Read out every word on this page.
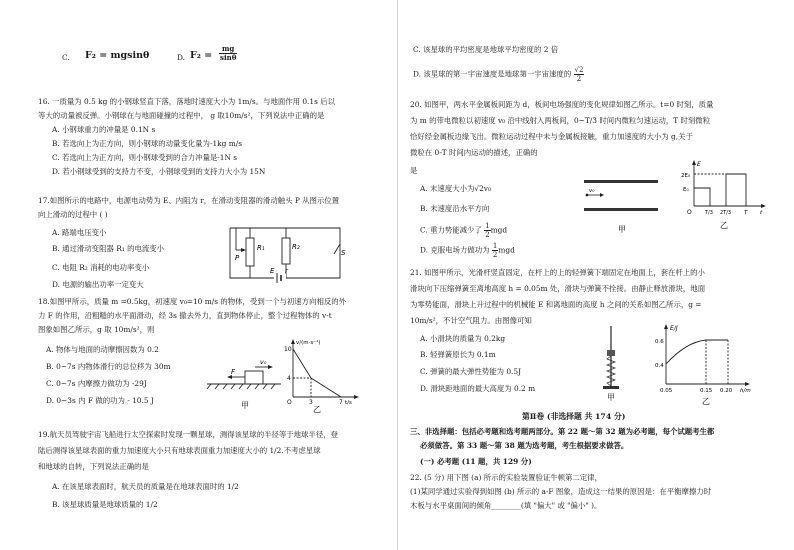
C. F₂ = mgsinθ	D. $F_2 = \frac{mg}{\sin\theta}$
16. 一质量为 0.5 kg 的小钢球竖直下落，落地时速度大小为 1m/s。与地面作用 0.1s 后以
等大的动量被反弹。小钢球在与地面碰撞的过程中， g 取10m/s²，下列说法中正确的是
A. 小钢球重力的冲量是 0.1N s
B. 若选向上为正方向，则小钢球的动量变化量为-1kg m/s
C. 若选向上为正方向，则小钢球受到的合力冲量是-1N s
D. 若小钢球受到的支持力不变，小钢球受到的支持力大小为 15N
17.如图所示的电路中，电源电动势为 E、内阻为 r，在滑动变阻器的滑动触头 P 从图示位置
向上滑动的过程中 ( )
A. 路端电压变小
B. 通过滑动变阻器 R₁ 的电流变小
C. 电阻 R₂ 消耗的电功率变小
D. 电源的输出功率一定变大
R₁	R₂
P
S
E r
18.如图甲所示，质量 m =0.5kg，初速度 v₀=10 m/s 的物体，受到一个与初速方向相反的外
力 F 的作用，沿粗糙的水平面滑动，经 3s 撤去外力，直到物体停止，整个过程物体的 v-t
图象如图乙所示，g 取 10m/s²，则
A. 物体与地面的动摩擦因数为 0.2
B. 0~7s 内物体滑行的总位移为 30m
C. 0~7s 内摩擦力做功为 -29J
D. 0~3s 内 F 做的功为 - 10.5 J
F
v₀
甲
v/(m·s⁻¹)
10
4
O	3	7 t/s
乙
19.航天员驾驶宇宙飞船进行太空探索时发现一颗星球，测得该星球的半径等于地球半径，登
陆后测得该星球表面的重力加速度大小只有地球表面重力加速度大小的 1/2.不考虑星球
和地球的自转，下列说法正确的是
A. 在该星球表面时，航天员的质量是在地球表面时的 1/2
B. 该星球质量是地球质量的 1/2
C. 该星球的平均密度是地球平均密度的 2 倍
D. 该星球的第一宇宙速度是地球第一宇宙速度的 $\frac{√2}{2}$
20. 如图甲，两水平金属板间距为 d，板间电场强度的变化规律如图乙所示。t=0 时刻，质量
为 m 的带电微粒以初速度 v₀ 沿中线射入两板间，0~T/3 时间内微粒匀速运动，T 时刻微粒
恰好经金属板边缘飞出。微粒运动过程中未与金属板接触，重力加速度的大小为 g,关于
微粒在 0-T 时间内运动的描述，正确的
是
A. 末速度大小为√2v₀
B. 末速度沿水平方向
C. 重力势能减少了 $\frac{1}{2}$ mgd
D. 克服电场力做功为 $\frac{1}{2}$ mgd
v₀
甲
E
2E₀
E₀
O	T/3 2T/3 T t
乙
21. 如图甲所示，光滑杆竖直固定，在杆上的上的轻弹簧下端固定在地面上，套在杆上的小
滑块向下压缩弹簧至离地高度 h = 0.05m 处，滑块与弹簧不拴接。由静止释放滑块，地面
为零势能面，滑块上升过程中的机械能 E 和离地面的高度 h 之间的关系如图乙所示，g =
10m/s²，不计空气阻力。由图像可知
A. 小滑块的质量为 0.2kg
B. 轻弹簧原长为 0.1m
C. 弹簧的最大弹性势能为 0.5J
D. 滑块距地面的最大高度为 0.2 m
甲
E/J
0.6
0.4
0.05	0.15 0.20 h/m
乙
第Ⅱ卷 (非选择题 共 174 分)
三、非选择题：包括必考题和选考题两部分。第 22 题～第 32 题为必考题，每个试题考生都
必须做答。第 33 题～第 38 题为选考题，考生根据要求做答。
(一) 必考题 (11 题，共 129 分)
22. (5 分) 用下图 (a) 所示的实验装置验证牛顿第二定律，
(1)某同学通过实验得到如图 (b) 所示的 a-F 图象，造成这一结果的原因是：在平衡摩擦力时
木板与水平桌面间的倾角________(填 "偏大" 或 "偏小" )。
